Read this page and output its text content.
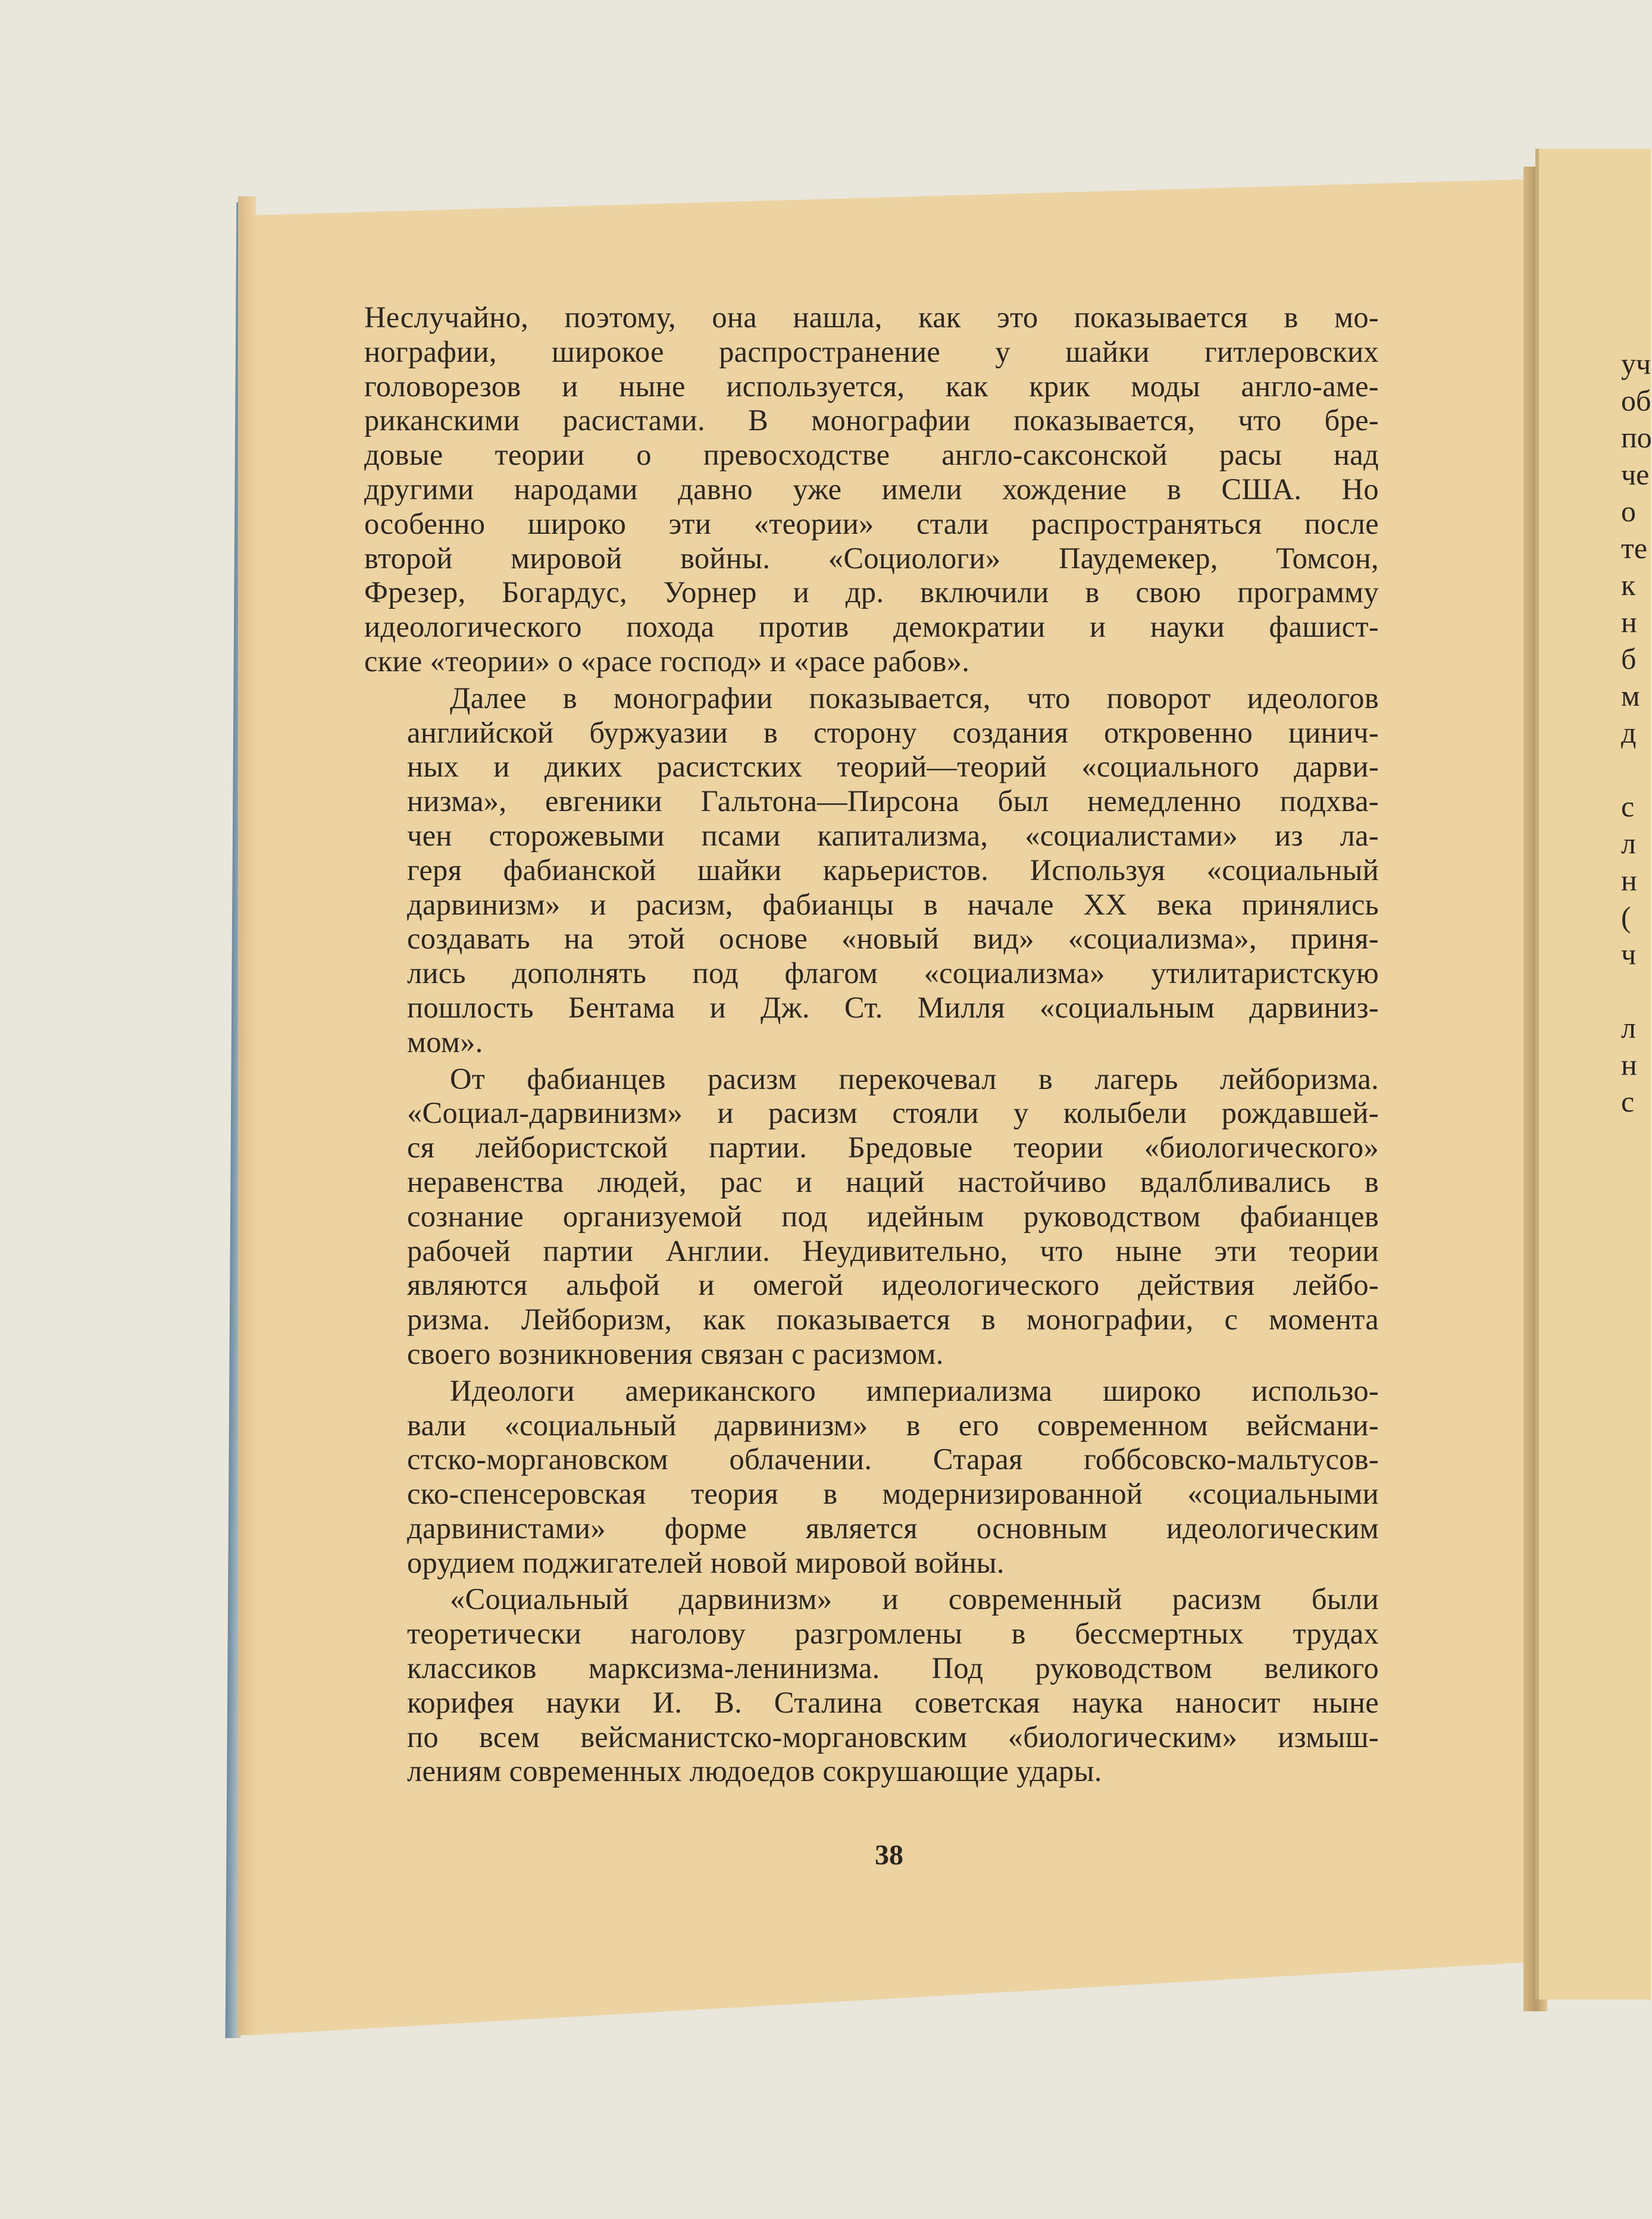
Неслучайно, поэтому, она нашла, как это показывается в мо-
нографии, широкое распространение у шайки гитлеровских
головорезов и ныне используется, как крик моды англо-аме-
риканскими расистами. В монографии показывается, что бре-
довые теории о превосходстве англо-саксонской расы над
другими народами давно уже имели хождение в США. Но
особенно широко эти «теории» стали распространяться после
второй мировой войны. «Социологи» Паудемекер, Томсон,
Фрезер, Богардус, Уорнер и др. включили в свою программу
идеологического похода против демократии и науки фашист-
ские «теории» о «расе господ» и «расе рабов».
Далее в монографии показывается, что поворот идеологов
английской буржуазии в сторону создания откровенно цинич-
ных и диких расистских теорий—теорий «социального дарви-
низма», евгеники Гальтона—Пирсона был немедленно подхва-
чен сторожевыми псами капитализма, «социалистами» из ла-
геря фабианской шайки карьеристов. Используя «социальный
дарвинизм» и расизм, фабианцы в начале XX века принялись
создавать на этой основе «новый вид» «социализма», приня-
лись дополнять под флагом «социализма» утилитаристскую
пошлость Бентама и Дж. Ст. Милля «социальным дарвиниз-
мом».
От фабианцев расизм перекочевал в лагерь лейборизма.
«Социал-дарвинизм» и расизм стояли у колыбели рождавшей-
ся лейбористской партии. Бредовые теории «биологического»
неравенства людей, рас и наций настойчиво вдалбливались в
сознание организуемой под идейным руководством фабианцев
рабочей партии Англии. Неудивительно, что ныне эти теории
являются альфой и омегой идеологического действия лейбо-
ризма. Лейборизм, как показывается в монографии, с момента
своего возникновения связан с расизмом.
Идеологи американского империализма широко использо-
вали «социальный дарвинизм» в его современном вейсмани-
стско-моргановском облачении. Старая гоббсовско-мальтусов-
ско-спенсеровская теория в модернизированной «социальными
дарвинистами» форме является основным идеологическим
орудием поджигателей новой мировой войны.
«Социальный дарвинизм» и современный расизм были
теоретически наголову разгромлены в бессмертных трудах
классиков марксизма-ленинизма. Под руководством великого
корифея науки И. В. Сталина советская наука наносит ныне
по всем вейсманистско-моргановским «биологическим» измыш-
лениям современных людоедов сокрушающие удары.
38
уч
об
по
че
о
те
к
н
б
м
д
с
л
н
(
ч
л
н
с
